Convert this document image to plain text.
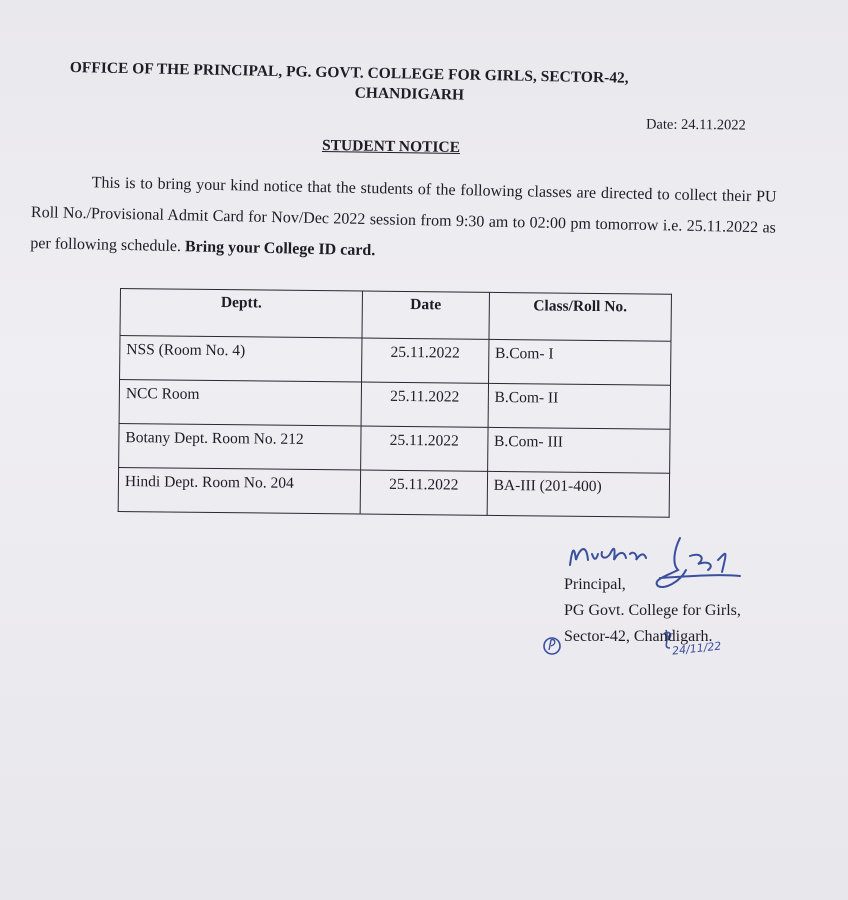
OFFICE OF THE PRINCIPAL, PG. GOVT. COLLEGE FOR GIRLS, SECTOR-42,
CHANDIGARH
Date: 24.11.2022
STUDENT NOTICE
This is to bring your kind notice that the students of the following classes are directed to collect their PU Roll No./Provisional Admit Card for Nov/Dec 2022 session from 9:30 am to 02:00 pm tomorrow i.e. 25.11.2022 as per following schedule. Bring your College ID card.
Deptt.	Date	Class/Roll No.
NSS (Room No. 4)	25.11.2022	B.Com- I
NCC Room	25.11.2022	B.Com- II
Botany Dept. Room No. 212	25.11.2022	B.Com- III
Hindi Dept. Room No. 204	25.11.2022	BA-III (201-400)
24/11/22
Principal,
PG Govt. College for Girls,
Sector-42, Chandigarh.
